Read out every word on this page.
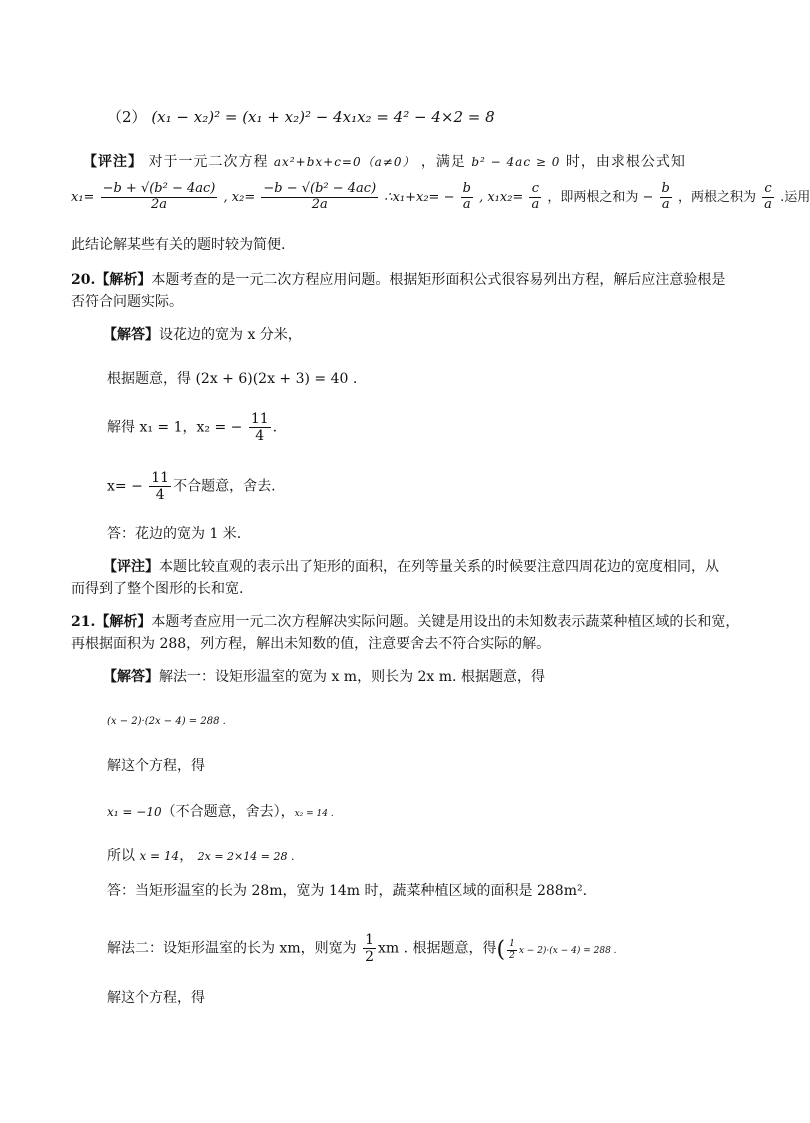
（2） (x₁ − x₂)² = (x₁ + x₂)² − 4x₁x₂ = 4² − 4×2 = 8
【评注】 对于一元二次方程 ax²+bx+c=0（a≠0） ，满足 b² − 4ac ≥ 0 时，由求根公式知
$x_1= \frac{\text{−b + √(b² − 4ac)}}{2a}$ , $x_2= \frac{\text{−b − √(b² − 4ac)}}{2a}$ ∴x₁+x₂= − $\frac{b}{a}$ , $x_1x_2= \frac{c}{a}$ ，即两根之和为 − $\frac{b}{a}$ ，两根之积为 $\frac{c}{a}$ .运用
此结论解某些有关的题时较为简便.
20.【解析】本题考查的是一元二次方程应用问题。根据矩形面积公式很容易列出方程，解后应注意验根是
否符合问题实际。
【解答】设花边的宽为 x 分米，
根据题意，得 (2x + 6)(2x + 3) = 40 .
解得 x₁ = 1，x₂ = − $\frac{11}{4}$ .
$x= - \frac{11}{4}$ 不合题意，舍去.
答：花边的宽为 1 米.
【评注】本题比较直观的表示出了矩形的面积，在列等量关系的时候要注意四周花边的宽度相同，从
而得到了整个图形的长和宽.
21.【解析】本题考查应用一元二次方程解决实际问题。关键是用设出的未知数表示蔬菜种植区域的长和宽，
再根据面积为 288，列方程，解出未知数的值，注意要舍去不符合实际的解。
【解答】解法一：设矩形温室的宽为 x m，则长为 2x m. 根据题意，得
(x − 2)·(2x − 4) = 288 .
解这个方程，得
x₁ = −10（不合题意，舍去），x₂ = 14 .
所以 x = 14， 2x = 2×14 = 28 .
答：当矩形温室的长为 28m，宽为 14m 时，蔬菜种植区域的面积是 288m².
解法二：设矩形温室的长为 xm，则宽为 $\frac{1}{2}$ xm . 根据题意，得( $\frac{1}{2}$ x − 2)·(x − 4) = 288 .
解这个方程，得
